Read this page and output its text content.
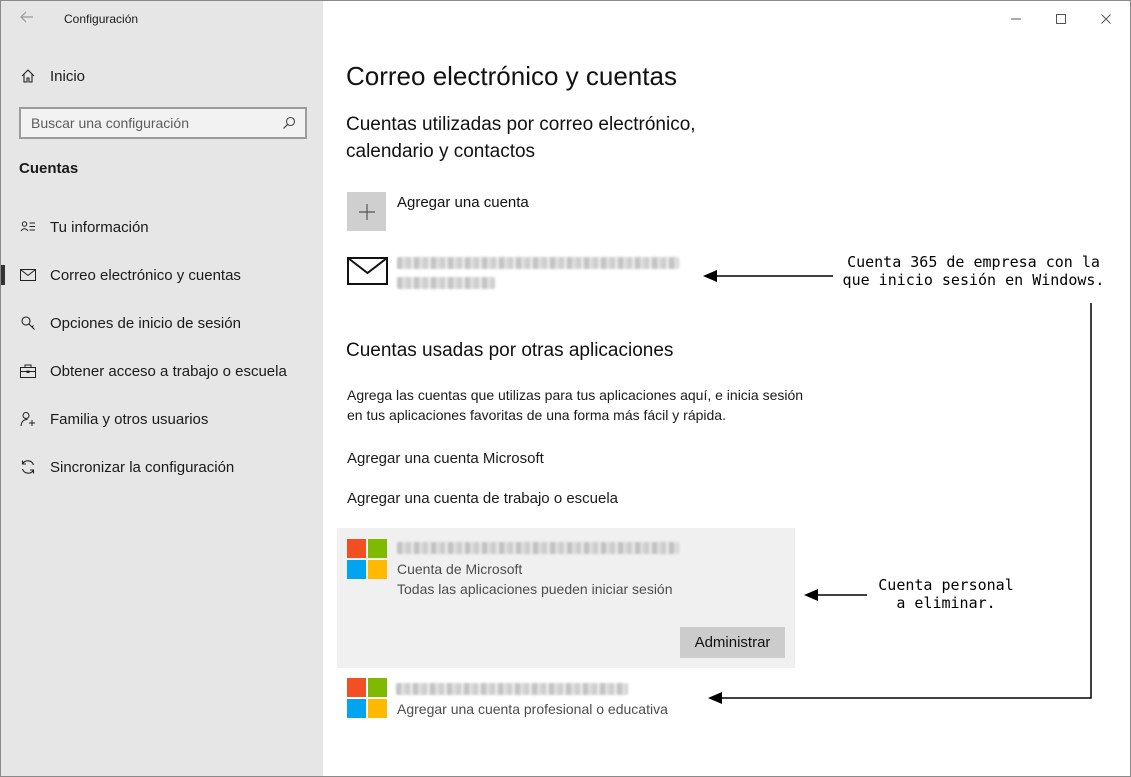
Configuración
Inicio
Buscar una configuración
Cuentas
Tu información
Correo electrónico y cuentas
Opciones de inicio de sesión
Obtener acceso a trabajo o escuela
Familia y otros usuarios
Sincronizar la configuración
Correo electrónico y cuentas
Cuentas utilizadas por correo electrónico, calendario y contactos
Agregar una cuenta
Cuentas usadas por otras aplicaciones
Agrega las cuentas que utilizas para tus aplicaciones aquí, e inicia sesión en tus aplicaciones favoritas de una forma más fácil y rápida.
Agregar una cuenta Microsoft
Agregar una cuenta de trabajo o escuela
Cuenta de Microsoft
Todas las aplicaciones pueden iniciar sesión
Administrar
Agregar una cuenta profesional o educativa
Cuenta 365 de empresa con la que inicio sesión en Windows.
Cuenta personal a eliminar.
